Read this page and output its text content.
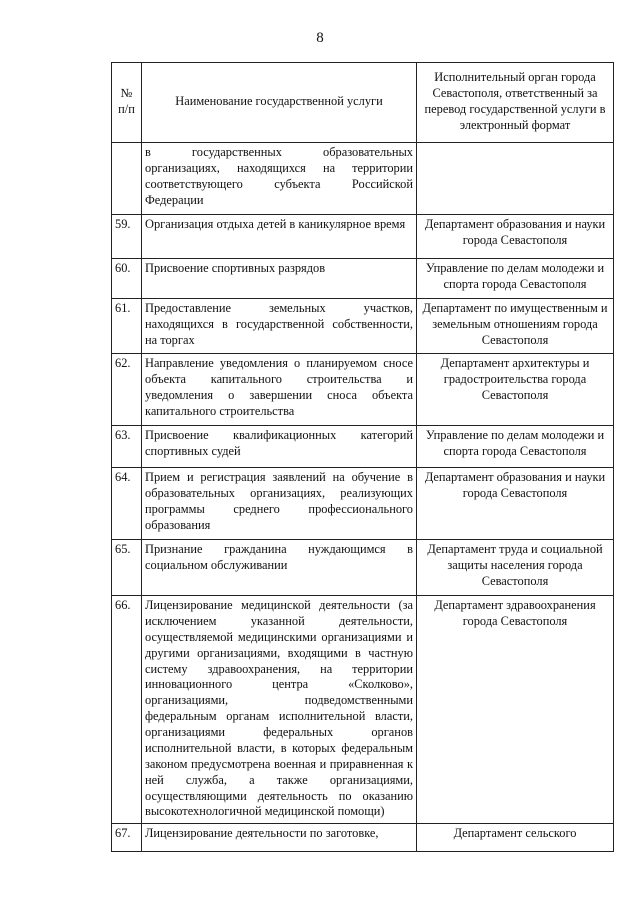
8
№
п/п	Наименование государственной услуги	Исполнительный орган города Севастополя, ответственный за перевод государственной услуги в электронный формат
	в государственных образовательных организациях, находящихся на территории соответствующего субъекта Российской Федерации	
59.	Организация отдыха детей в каникулярное время	Департамент образования и науки города Севастополя
60.	Присвоение спортивных разрядов	Управление по делам молодежи и спорта города Севастополя
61.	Предоставление земельных участков, находящихся в государственной собственности, на торгах	Департамент по имущественным и земельным отношениям города Севастополя
62.	Направление уведомления о планируемом сносе объекта капитального строительства и уведомления о завершении сноса объекта капитального строительства	Департамент архитектуры и градостроительства города Севастополя
63.	Присвоение квалификационных категорий спортивных судей	Управление по делам молодежи и спорта города Севастополя
64.	Прием и регистрация заявлений на обучение в образовательных организациях, реализующих программы среднего профессионального образования	Департамент образования и науки города Севастополя
65.	Признание гражданина нуждающимся в социальном обслуживании	Департамент труда и социальной защиты населения города Севастополя
66.	Лицензирование медицинской деятельности (за исключением указанной деятельности, осуществляемой медицинскими организациями и другими организациями, входящими в частную систему здравоохранения, на территории инновационного центра «Сколково», организациями, подведомственными федеральным органам исполнительной власти, организациями федеральных органов исполнительной власти, в которых федеральным законом предусмотрена военная и приравненная к ней служба, а также организациями, осуществляющими деятельность по оказанию высокотехнологичной медицинской помощи)	Департамент здравоохранения города Севастополя
67.	Лицензирование деятельности по заготовке,	Департамент сельского
